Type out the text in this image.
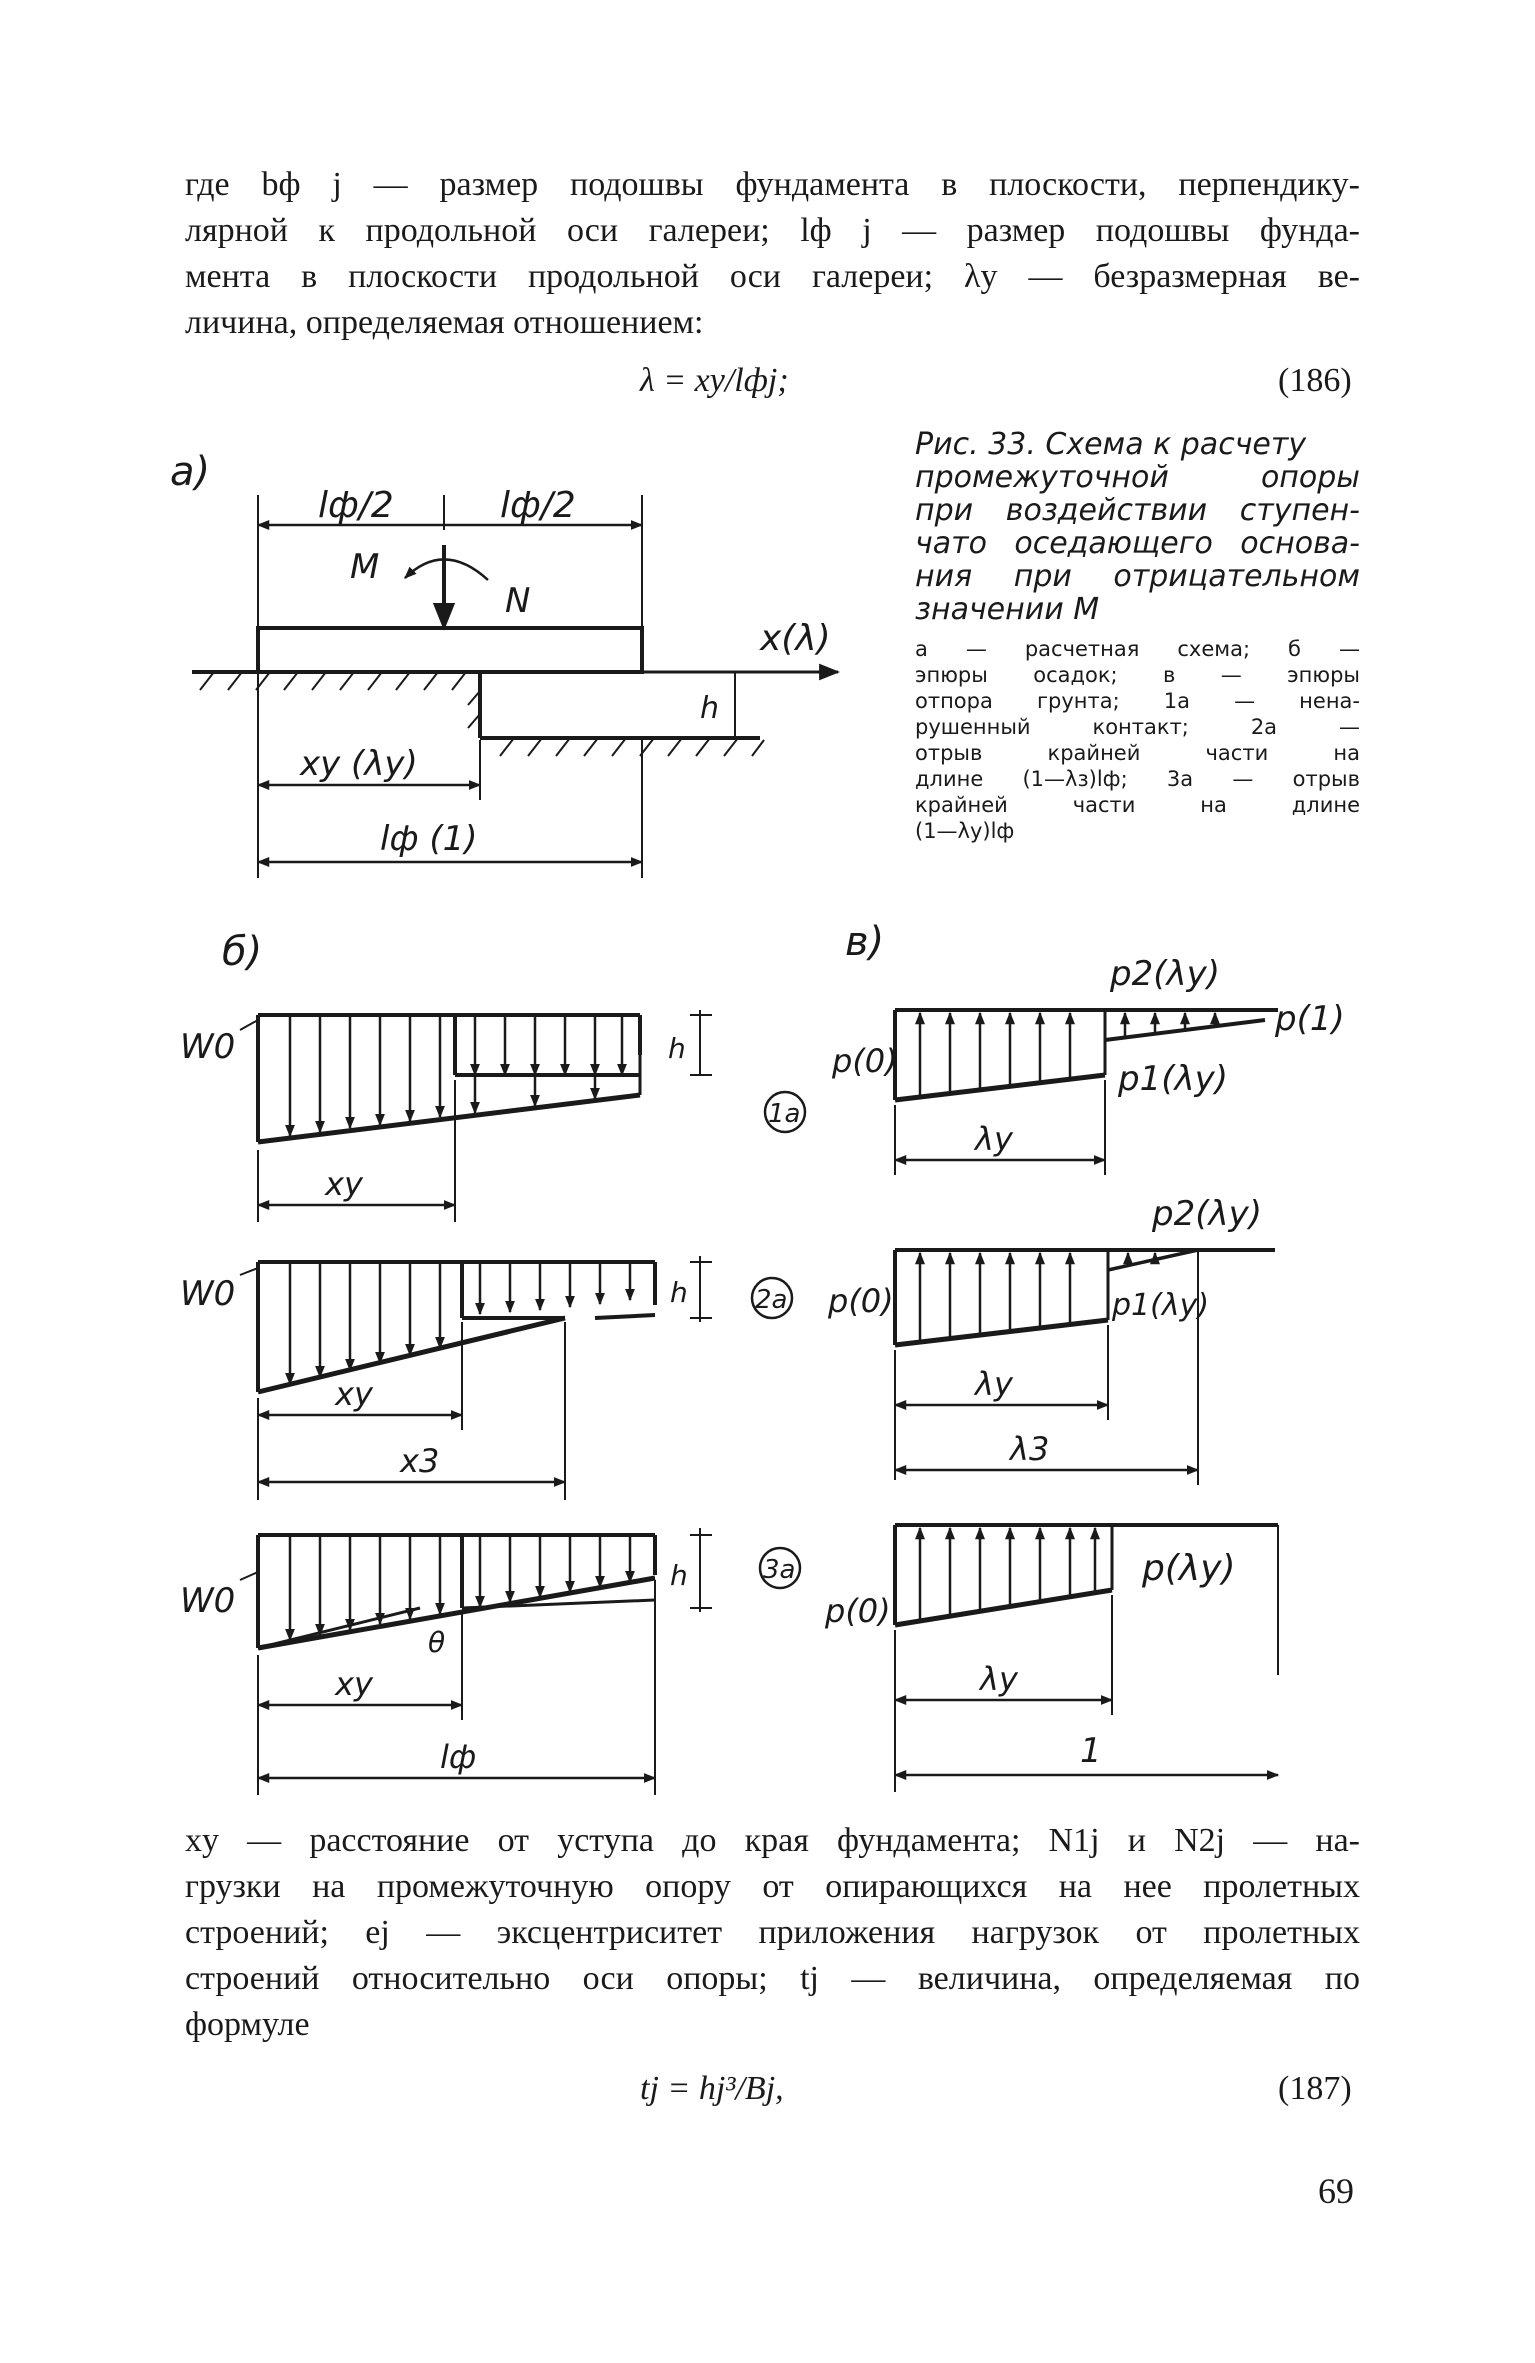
где bф j — размер подошвы фундамента в плоскости, перпендику-
лярной к продольной оси галереи; lф j — размер подошвы фунда-
мента в плоскости продольной оси галереи; λу — безразмерная ве-
личина, определяемая отношением:
λ = xу/lфj;	(186)
Рис. 33. Схема к расчету
промежуточной опоры
при воздействии ступен-
чато оседающего основа-
ния при отрицательном
значении M
а — расчетная схема; б —
эпюры осадок; в — эпюры
отпора грунта; 1а — нена-
рушенный контакт; 2а —
отрыв крайней части на
длине (1—λз)lф; 3а — отрыв
крайней части на длине
(1—λу)lф
а)
lф/2	lф/2
M
N
x(λ)
h
xу (λу)
lф (1)
б)
W0	h
xу
W0	h
xу
x3
W0
h
θ
xу
lф
1а
2а
3а
в)
p(0)
p2(λу)
p(1)
p1(λу)
λу
p(0)
p2(λу)
p1(λу)
λу
λ3
p(0)
p(λу)
λу
1
xу — расстояние от уступа до края фундамента; N1j и N2j — на-
грузки на промежуточную опору от опирающихся на нее пролетных
строений; ej — эксцентриситет приложения нагрузок от пролетных
строений относительно оси опоры; tj — величина, определяемая по
формуле
tj = hj³/Bj,	(187)
69
